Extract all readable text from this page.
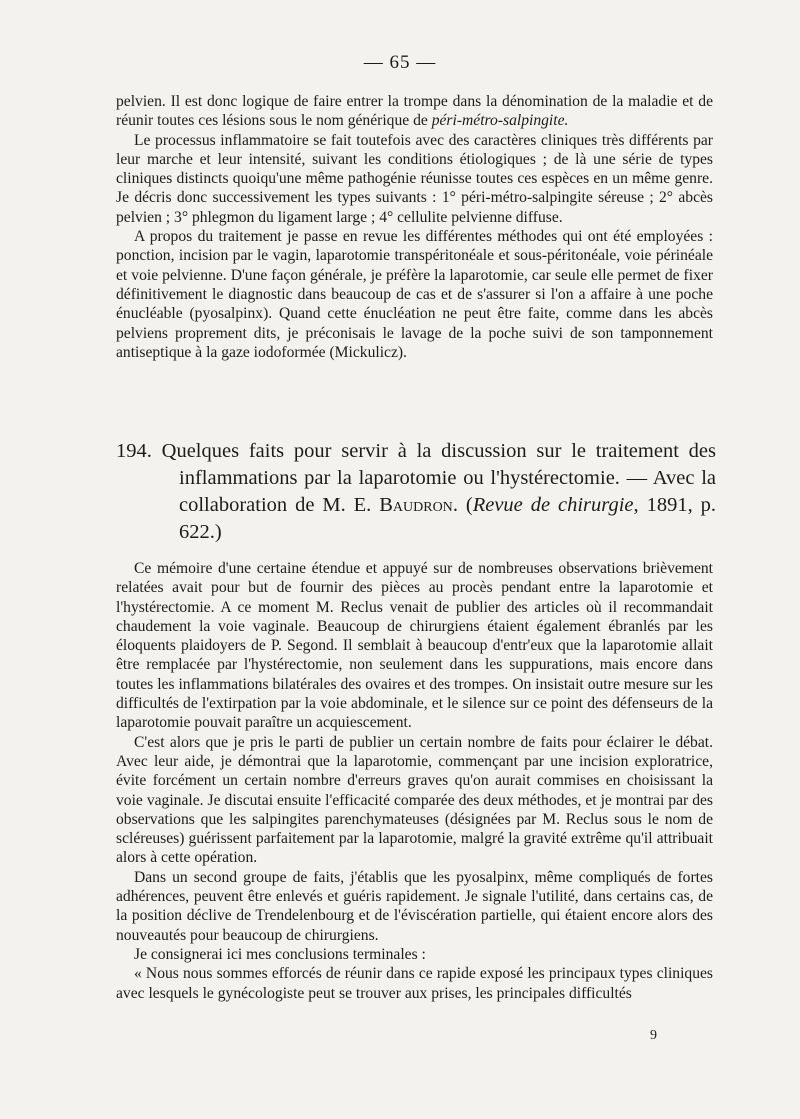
— 65 —

pelvien. Il est donc logique de faire entrer la trompe dans la dénomination de la maladie et de réunir toutes ces lésions sous le nom générique de péri-métro-salpingite.

Le processus inflammatoire se fait toutefois avec des caractères cliniques très différents par leur marche et leur intensité, suivant les conditions étiologiques ; de là une série de types cliniques distincts quoiqu'une même pathogénie réunisse toutes ces espèces en un même genre. Je décris donc successivement les types suivants : 1° péri-métro-salpingite séreuse ; 2° abcès pelvien ; 3° phlegmon du ligament large ; 4° cellulite pelvienne diffuse.

A propos du traitement je passe en revue les différentes méthodes qui ont été employées : ponction, incision par le vagin, laparotomie transpéritonéale et sous-péritonéale, voie périnéale et voie pelvienne. D'une façon générale, je préfère la laparotomie, car seule elle permet de fixer définitivement le diagnostic dans beaucoup de cas et de s'assurer si l'on a affaire à une poche énucléable (pyosalpinx). Quand cette énucléation ne peut être faite, comme dans les abcès pelviens proprement dits, je préconisais le lavage de la poche suivi de son tamponnement antiseptique à la gaze iodoformée (Mickulicz).

194. Quelques faits pour servir à la discussion sur le traitement des inflammations par la laparotomie ou l'hystérectomie. — Avec la collaboration de M. E. Baudron. (Revue de chirurgie, 1891, p. 622.)

Ce mémoire d'une certaine étendue et appuyé sur de nombreuses observations brièvement relatées avait pour but de fournir des pièces au procès pendant entre la laparotomie et l'hystérectomie. A ce moment M. Reclus venait de publier des articles où il recommandait chaudement la voie vaginale. Beaucoup de chirurgiens étaient également ébranlés par les éloquents plaidoyers de P. Segond. Il semblait à beaucoup d'entr'eux que la laparotomie allait être remplacée par l'hystérectomie, non seulement dans les suppurations, mais encore dans toutes les inflammations bilatérales des ovaires et des trompes. On insistait outre mesure sur les difficultés de l'extirpation par la voie abdominale, et le silence sur ce point des défenseurs de la laparotomie pouvait paraître un acquiescement.

C'est alors que je pris le parti de publier un certain nombre de faits pour éclairer le débat. Avec leur aide, je démontrai que la laparotomie, commençant par une incision exploratrice, évite forcément un certain nombre d'erreurs graves qu'on aurait commises en choisissant la voie vaginale. Je discutai ensuite l'efficacité comparée des deux méthodes, et je montrai par des observations que les salpingites parenchymateuses (désignées par M. Reclus sous le nom de scléreuses) guérissent parfaitement par la laparotomie, malgré la gravité extrême qu'il attribuait alors à cette opération.

Dans un second groupe de faits, j'établis que les pyosalpinx, même compliqués de fortes adhérences, peuvent être enlevés et guéris rapidement. Je signale l'utilité, dans certains cas, de la position déclive de Trendelenbourg et de l'éviscération partielle, qui étaient encore alors des nouveautés pour beaucoup de chirurgiens.

Je consignerai ici mes conclusions terminales :

« Nous nous sommes efforcés de réunir dans ce rapide exposé les principaux types cliniques avec lesquels le gynécologiste peut se trouver aux prises, les principales difficultés

9
